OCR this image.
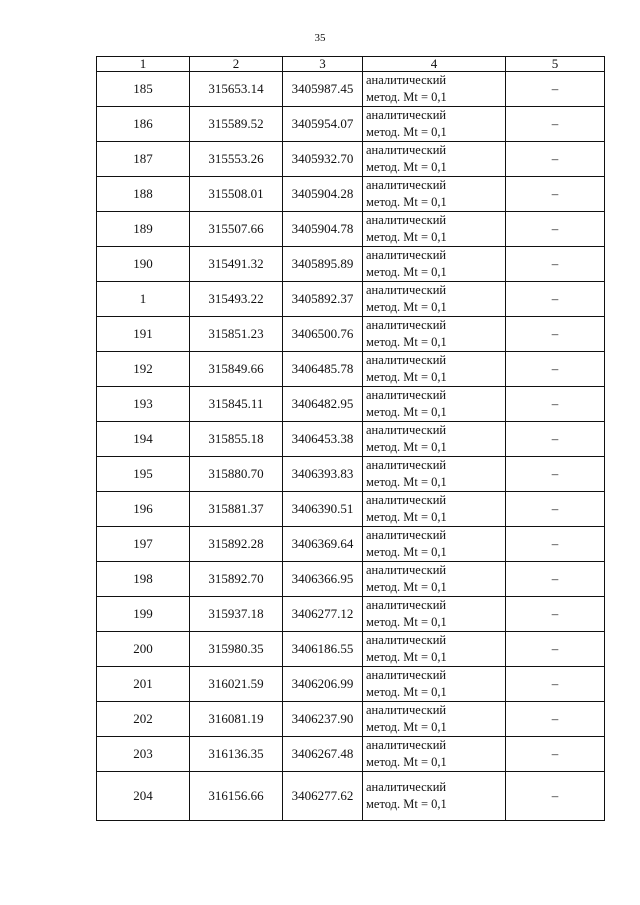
35
1	2	3	4	5
185	315653.14	3405987.45	аналитический
метод. Mt = 0,1	–
186	315589.52	3405954.07	аналитический
метод. Mt = 0,1	–
187	315553.26	3405932.70	аналитический
метод. Mt = 0,1	–
188	315508.01	3405904.28	аналитический
метод. Mt = 0,1	–
189	315507.66	3405904.78	аналитический
метод. Mt = 0,1	–
190	315491.32	3405895.89	аналитический
метод. Mt = 0,1	–
1	315493.22	3405892.37	аналитический
метод. Mt = 0,1	–
191	315851.23	3406500.76	аналитический
метод. Mt = 0,1	–
192	315849.66	3406485.78	аналитический
метод. Mt = 0,1	–
193	315845.11	3406482.95	аналитический
метод. Mt = 0,1	–
194	315855.18	3406453.38	аналитический
метод. Mt = 0,1	–
195	315880.70	3406393.83	аналитический
метод. Mt = 0,1	–
196	315881.37	3406390.51	аналитический
метод. Mt = 0,1	–
197	315892.28	3406369.64	аналитический
метод. Mt = 0,1	–
198	315892.70	3406366.95	аналитический
метод. Mt = 0,1	–
199	315937.18	3406277.12	аналитический
метод. Mt = 0,1	–
200	315980.35	3406186.55	аналитический
метод. Mt = 0,1	–
201	316021.59	3406206.99	аналитический
метод. Mt = 0,1	–
202	316081.19	3406237.90	аналитический
метод. Mt = 0,1	–
203	316136.35	3406267.48	аналитический
метод. Mt = 0,1	–
204	316156.66	3406277.62	аналитический
метод. Mt = 0,1	–
